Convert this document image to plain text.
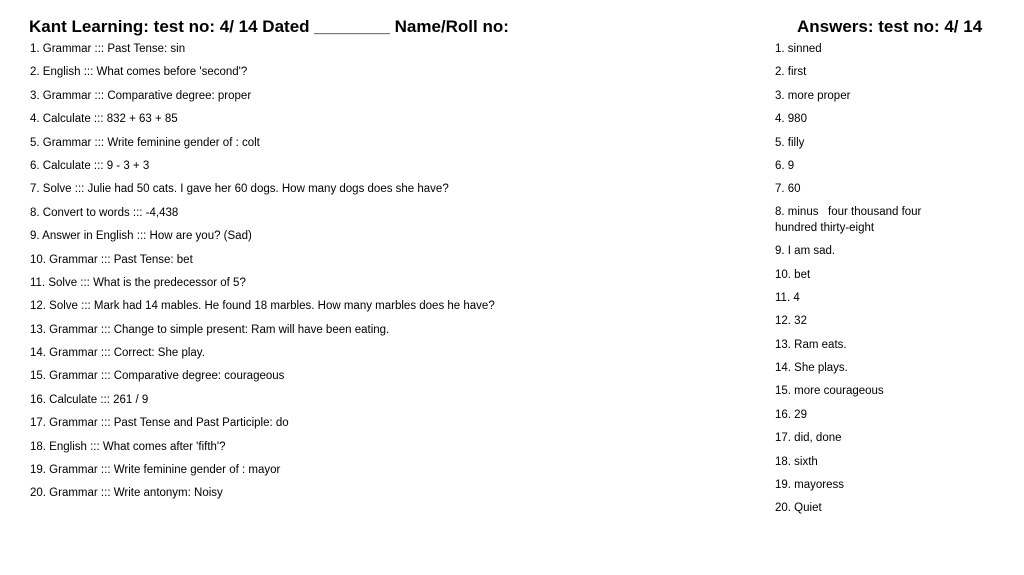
Kant Learning: test no: 4/ 14 Dated ________ Name/Roll no:	Answers: test no: 4/ 14
1. Grammar ::: Past Tense: sin
2. English ::: What comes before 'second'?
3. Grammar ::: Comparative degree: proper
4. Calculate ::: 832 + 63 + 85
5. Grammar ::: Write feminine gender of : colt
6. Calculate ::: 9 - 3 + 3
7. Solve ::: Julie had 50 cats. I gave her 60 dogs. How many dogs does she have?
8. Convert to words ::: -4,438
9. Answer in English ::: How are you? (Sad)
10. Grammar ::: Past Tense: bet
11. Solve ::: What is the predecessor of 5?
12. Solve ::: Mark had 14 mables. He found 18 marbles. How many marbles does he have?
13. Grammar ::: Change to simple present: Ram will have been eating.
14. Grammar ::: Correct: She play.
15. Grammar ::: Comparative degree: courageous
16. Calculate ::: 261 / 9
17. Grammar ::: Past Tense and Past Participle: do
18. English ::: What comes after 'fifth'?
19. Grammar ::: Write feminine gender of : mayor
20. Grammar ::: Write antonym: Noisy
1. sinned
2. first
3. more proper
4. 980
5. filly
6. 9
7. 60
8. minus   four thousand four hundred thirty-eight
9. I am sad.
10. bet
11. 4
12. 32
13. Ram eats.
14. She plays.
15. more courageous
16. 29
17. did, done
18. sixth
19. mayoress
20. Quiet
